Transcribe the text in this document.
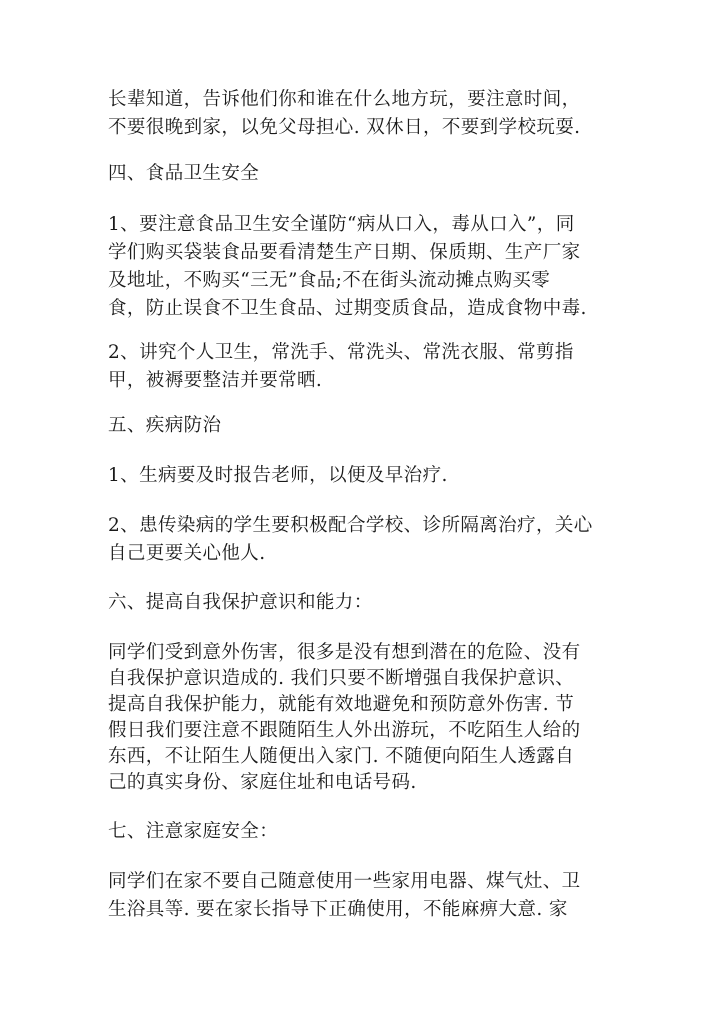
长辈知道，告诉他们你和谁在什么地方玩，要注意时间，
不要很晚到家，以免父母担心. 双休日，不要到学校玩耍.
四、食品卫生安全
1、要注意食品卫生安全谨防“病从口入，毒从口入”，同
学们购买袋装食品要看清楚生产日期、保质期、生产厂家
及地址，不购买“三无”食品;不在街头流动摊点购买零
食，防止误食不卫生食品、过期变质食品，造成食物中毒.
2、讲究个人卫生，常洗手、常洗头、常洗衣服、常剪指
甲，被褥要整洁并要常晒.
五、疾病防治
1、生病要及时报告老师，以便及早治疗.
2、患传染病的学生要积极配合学校、诊所隔离治疗，关心
自己更要关心他人.
六、提高自我保护意识和能力：
同学们受到意外伤害，很多是没有想到潜在的危险、没有
自我保护意识造成的. 我们只要不断增强自我保护意识、
提高自我保护能力，就能有效地避免和预防意外伤害. 节
假日我们要注意不跟随陌生人外出游玩，不吃陌生人给的
东西，不让陌生人随便出入家门. 不随便向陌生人透露自
己的真实身份、家庭住址和电话号码.
七、注意家庭安全：
同学们在家不要自己随意使用一些家用电器、煤气灶、卫
生浴具等. 要在家长指导下正确使用，不能麻痹大意. 家
